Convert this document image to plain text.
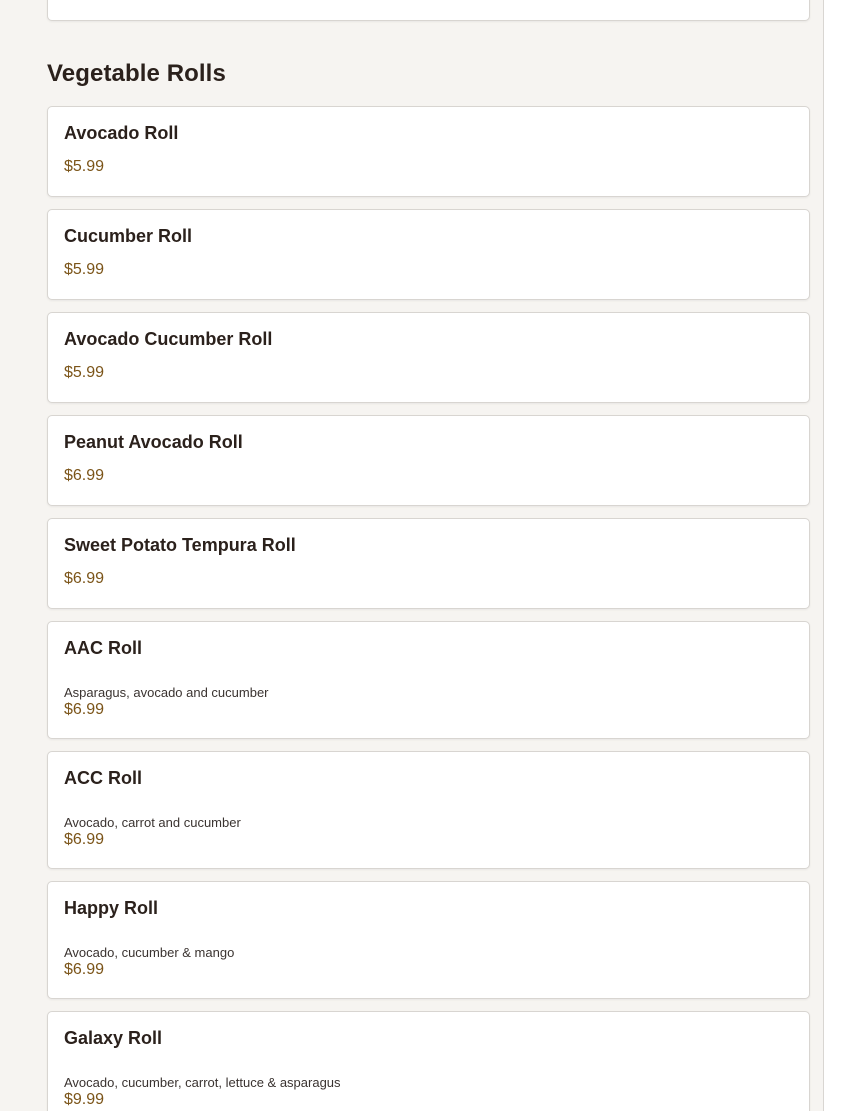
Vegetable Rolls
Avocado Roll
$5.99
Cucumber Roll
$5.99
Avocado Cucumber Roll
$5.99
Peanut Avocado Roll
$6.99
Sweet Potato Tempura Roll
$6.99
AAC Roll

Asparagus, avocado and cucumber

$6.99
ACC Roll

Avocado, carrot and cucumber

$6.99
Happy Roll

Avocado, cucumber & mango

$6.99
Galaxy Roll

Avocado, cucumber, carrot, lettuce & asparagus

$9.99
